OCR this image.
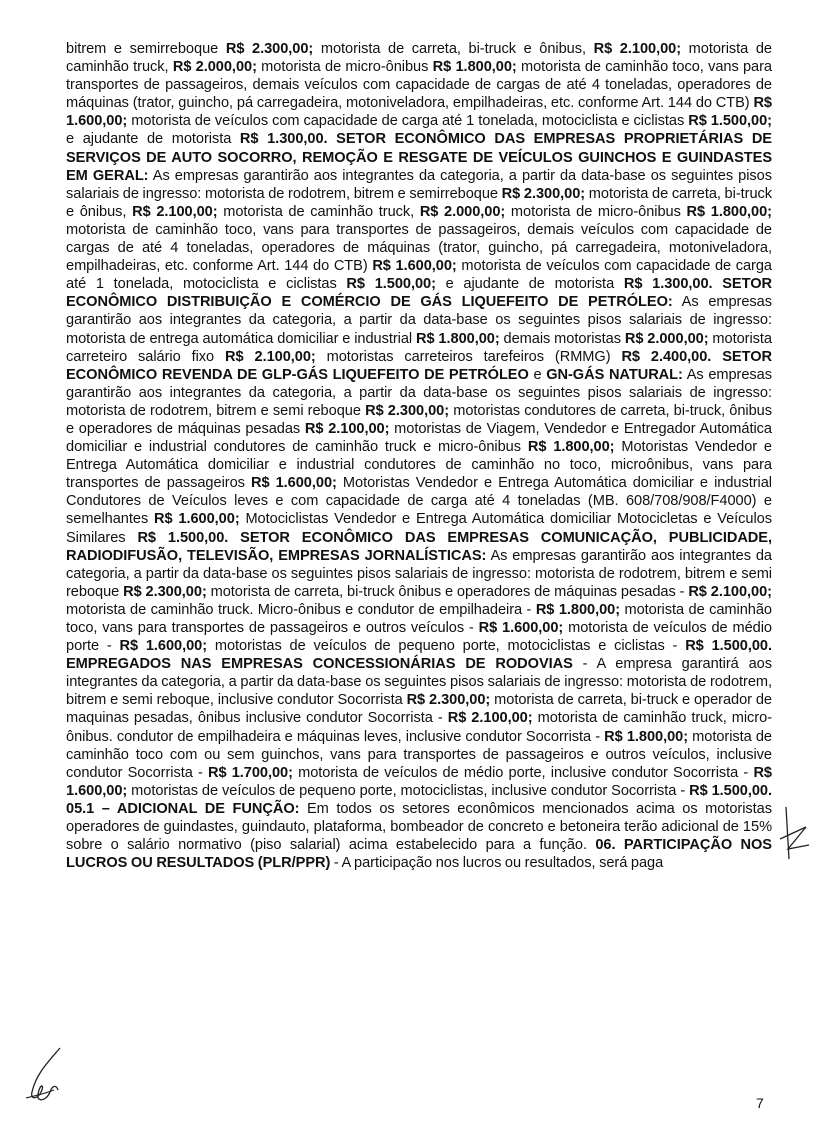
bitrem e semirreboque R$ 2.300,00; motorista de carreta, bi-truck e ônibus, R$ 2.100,00; motorista de caminhão truck, R$ 2.000,00; motorista de micro-ônibus R$ 1.800,00; motorista de caminhão toco, vans para transportes de passageiros, demais veículos com capacidade de cargas de até 4 toneladas, operadores de máquinas (trator, guincho, pá carregadeira, motoniveladora, empilhadeiras, etc. conforme Art. 144 do CTB) R$ 1.600,00; motorista de veículos com capacidade de carga até 1 tonelada, motociclista e ciclistas R$ 1.500,00; e ajudante de motorista R$ 1.300,00. SETOR ECONÔMICO DAS EMPRESAS PROPRIETÁRIAS DE SERVIÇOS DE AUTO SOCORRO, REMOÇÃO E RESGATE DE VEÍCULOS GUINCHOS E GUINDASTES EM GERAL: As empresas garantirão aos integrantes da categoria, a partir da data-base os seguintes pisos salariais de ingresso: motorista de rodotrem, bitrem e semirreboque R$ 2.300,00; motorista de carreta, bi-truck e ônibus, R$ 2.100,00; motorista de caminhão truck, R$ 2.000,00; motorista de micro-ônibus R$ 1.800,00; motorista de caminhão toco, vans para transportes de passageiros, demais veículos com capacidade de cargas de até 4 toneladas, operadores de máquinas (trator, guincho, pá carregadeira, motoniveladora, empilhadeiras, etc. conforme Art. 144 do CTB) R$ 1.600,00; motorista de veículos com capacidade de carga até 1 tonelada, motociclista e ciclistas R$ 1.500,00; e ajudante de motorista R$ 1.300,00. SETOR ECONÔMICO DISTRIBUIÇÃO E COMÉRCIO DE GÁS LIQUEFEITO DE PETRÓLEO: As empresas garantirão aos integrantes da categoria, a partir da data-base os seguintes pisos salariais de ingresso: motorista de entrega automática domiciliar e industrial R$ 1.800,00; demais motoristas R$ 2.000,00; motorista carreteiro salário fixo R$ 2.100,00; motoristas carreteiros tarefeiros (RMMG) R$ 2.400,00. SETOR ECONÔMICO REVENDA DE GLP-GÁS LIQUEFEITO DE PETRÓLEO e GN-GÁS NATURAL: As empresas garantirão aos integrantes da categoria, a partir da data-base os seguintes pisos salariais de ingresso: motorista de rodotrem, bitrem e semi reboque R$ 2.300,00; motoristas condutores de carreta, bi-truck, ônibus e operadores de máquinas pesadas R$ 2.100,00; motoristas de Viagem, Vendedor e Entregador Automática domiciliar e industrial condutores de caminhão truck e micro-ônibus R$ 1.800,00; Motoristas Vendedor e Entrega Automática domiciliar e industrial condutores de caminhão no toco, microônibus, vans para transportes de passageiros R$ 1.600,00; Motoristas Vendedor e Entrega Automática domiciliar e industrial Condutores de Veículos leves e com capacidade de carga até 4 toneladas (MB. 608/708/908/F4000) e semelhantes R$ 1.600,00; Motociclistas Vendedor e Entrega Automática domiciliar Motocicletas e Veículos Similares R$ 1.500,00. SETOR ECONÔMICO DAS EMPRESAS COMUNICAÇÃO, PUBLICIDADE, RADIODIFUSÃO, TELEVISÃO, EMPRESAS JORNALÍSTICAS: As empresas garantirão aos integrantes da categoria, a partir da data-base os seguintes pisos salariais de ingresso: motorista de rodotrem, bitrem e semi reboque R$ 2.300,00; motorista de carreta, bi-truck ônibus e operadores de máquinas pesadas - R$ 2.100,00; motorista de caminhão truck. Micro-ônibus e condutor de empilhadeira - R$ 1.800,00; motorista de caminhão toco, vans para transportes de passageiros e outros veículos - R$ 1.600,00; motorista de veículos de médio porte - R$ 1.600,00; motoristas de veículos de pequeno porte, motociclistas e ciclistas - R$ 1.500,00. EMPREGADOS NAS EMPRESAS CONCESSIONÁRIAS DE RODOVIAS - A empresa garantirá aos integrantes da categoria, a partir da data-base os seguintes pisos salariais de ingresso: motorista de rodotrem, bitrem e semi reboque, inclusive condutor Socorrista R$ 2.300,00; motorista de carreta, bi-truck e operador de maquinas pesadas, ônibus inclusive condutor Socorrista - R$ 2.100,00; motorista de caminhão truck, micro-ônibus. condutor de empilhadeira e máquinas leves, inclusive condutor Socorrista - R$ 1.800,00; motorista de caminhão toco com ou sem guinchos, vans para transportes de passageiros e outros veículos, inclusive condutor Socorrista - R$ 1.700,00; motorista de veículos de médio porte, inclusive condutor Socorrista - R$ 1.600,00; motoristas de veículos de pequeno porte, motociclistas, inclusive condutor Socorrista - R$ 1.500,00. 05.1 – ADICIONAL DE FUNÇÃO: Em todos os setores econômicos mencionados acima os motoristas operadores de guindastes, guindauto, plataforma, bombeador de concreto e betoneira terão adicional de 15% sobre o salário normativo (piso salarial) acima estabelecido para a função. 06. PARTICIPAÇÃO NOS LUCROS OU RESULTADOS (PLR/PPR) - A participação nos lucros ou resultados, será paga
7
